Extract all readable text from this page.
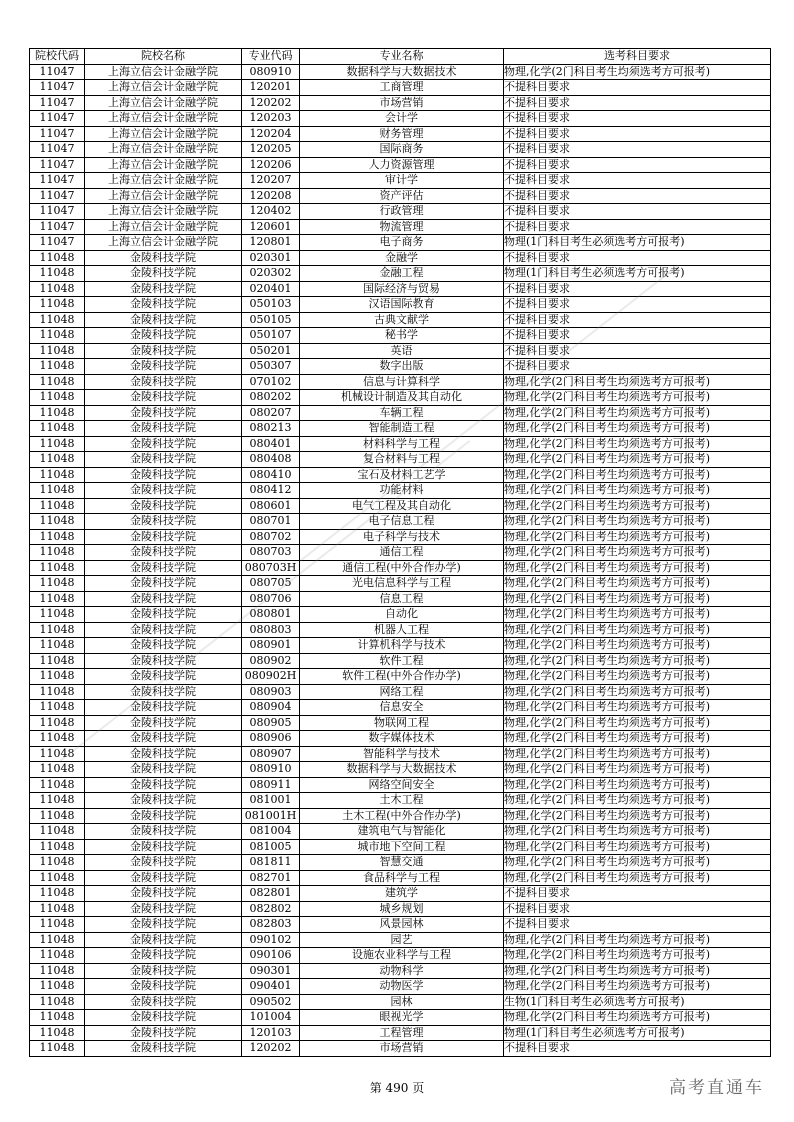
院校代码	院校名称	专业代码	专业名称	选考科目要求
11047	上海立信会计金融学院	080910	数据科学与大数据技术	物理,化学(2门科目考生均须选考方可报考)
11047	上海立信会计金融学院	120201	工商管理	不提科目要求
11047	上海立信会计金融学院	120202	市场营销	不提科目要求
11047	上海立信会计金融学院	120203	会计学	不提科目要求
11047	上海立信会计金融学院	120204	财务管理	不提科目要求
11047	上海立信会计金融学院	120205	国际商务	不提科目要求
11047	上海立信会计金融学院	120206	人力资源管理	不提科目要求
11047	上海立信会计金融学院	120207	审计学	不提科目要求
11047	上海立信会计金融学院	120208	资产评估	不提科目要求
11047	上海立信会计金融学院	120402	行政管理	不提科目要求
11047	上海立信会计金融学院	120601	物流管理	不提科目要求
11047	上海立信会计金融学院	120801	电子商务	物理(1门科目考生必须选考方可报考)
11048	金陵科技学院	020301	金融学	不提科目要求
11048	金陵科技学院	020302	金融工程	物理(1门科目考生必须选考方可报考)
11048	金陵科技学院	020401	国际经济与贸易	不提科目要求
11048	金陵科技学院	050103	汉语国际教育	不提科目要求
11048	金陵科技学院	050105	古典文献学	不提科目要求
11048	金陵科技学院	050107	秘书学	不提科目要求
11048	金陵科技学院	050201	英语	不提科目要求
11048	金陵科技学院	050307	数字出版	不提科目要求
11048	金陵科技学院	070102	信息与计算科学	物理,化学(2门科目考生均须选考方可报考)
11048	金陵科技学院	080202	机械设计制造及其自动化	物理,化学(2门科目考生均须选考方可报考)
11048	金陵科技学院	080207	车辆工程	物理,化学(2门科目考生均须选考方可报考)
11048	金陵科技学院	080213	智能制造工程	物理,化学(2门科目考生均须选考方可报考)
11048	金陵科技学院	080401	材料科学与工程	物理,化学(2门科目考生均须选考方可报考)
11048	金陵科技学院	080408	复合材料与工程	物理,化学(2门科目考生均须选考方可报考)
11048	金陵科技学院	080410	宝石及材料工艺学	物理,化学(2门科目考生均须选考方可报考)
11048	金陵科技学院	080412	功能材料	物理,化学(2门科目考生均须选考方可报考)
11048	金陵科技学院	080601	电气工程及其自动化	物理,化学(2门科目考生均须选考方可报考)
11048	金陵科技学院	080701	电子信息工程	物理,化学(2门科目考生均须选考方可报考)
11048	金陵科技学院	080702	电子科学与技术	物理,化学(2门科目考生均须选考方可报考)
11048	金陵科技学院	080703	通信工程	物理,化学(2门科目考生均须选考方可报考)
11048	金陵科技学院	080703H	通信工程(中外合作办学)	物理,化学(2门科目考生均须选考方可报考)
11048	金陵科技学院	080705	光电信息科学与工程	物理,化学(2门科目考生均须选考方可报考)
11048	金陵科技学院	080706	信息工程	物理,化学(2门科目考生均须选考方可报考)
11048	金陵科技学院	080801	自动化	物理,化学(2门科目考生均须选考方可报考)
11048	金陵科技学院	080803	机器人工程	物理,化学(2门科目考生均须选考方可报考)
11048	金陵科技学院	080901	计算机科学与技术	物理,化学(2门科目考生均须选考方可报考)
11048	金陵科技学院	080902	软件工程	物理,化学(2门科目考生均须选考方可报考)
11048	金陵科技学院	080902H	软件工程(中外合作办学)	物理,化学(2门科目考生均须选考方可报考)
11048	金陵科技学院	080903	网络工程	物理,化学(2门科目考生均须选考方可报考)
11048	金陵科技学院	080904	信息安全	物理,化学(2门科目考生均须选考方可报考)
11048	金陵科技学院	080905	物联网工程	物理,化学(2门科目考生均须选考方可报考)
11048	金陵科技学院	080906	数字媒体技术	物理,化学(2门科目考生均须选考方可报考)
11048	金陵科技学院	080907	智能科学与技术	物理,化学(2门科目考生均须选考方可报考)
11048	金陵科技学院	080910	数据科学与大数据技术	物理,化学(2门科目考生均须选考方可报考)
11048	金陵科技学院	080911	网络空间安全	物理,化学(2门科目考生均须选考方可报考)
11048	金陵科技学院	081001	土木工程	物理,化学(2门科目考生均须选考方可报考)
11048	金陵科技学院	081001H	土木工程(中外合作办学)	物理,化学(2门科目考生均须选考方可报考)
11048	金陵科技学院	081004	建筑电气与智能化	物理,化学(2门科目考生均须选考方可报考)
11048	金陵科技学院	081005	城市地下空间工程	物理,化学(2门科目考生均须选考方可报考)
11048	金陵科技学院	081811	智慧交通	物理,化学(2门科目考生均须选考方可报考)
11048	金陵科技学院	082701	食品科学与工程	物理,化学(2门科目考生均须选考方可报考)
11048	金陵科技学院	082801	建筑学	不提科目要求
11048	金陵科技学院	082802	城乡规划	不提科目要求
11048	金陵科技学院	082803	风景园林	不提科目要求
11048	金陵科技学院	090102	园艺	物理,化学(2门科目考生均须选考方可报考)
11048	金陵科技学院	090106	设施农业科学与工程	物理,化学(2门科目考生均须选考方可报考)
11048	金陵科技学院	090301	动物科学	物理,化学(2门科目考生均须选考方可报考)
11048	金陵科技学院	090401	动物医学	物理,化学(2门科目考生均须选考方可报考)
11048	金陵科技学院	090502	园林	生物(1门科目考生必须选考方可报考)
11048	金陵科技学院	101004	眼视光学	物理,化学(2门科目考生均须选考方可报考)
11048	金陵科技学院	120103	工程管理	物理(1门科目考生必须选考方可报考)
11048	金陵科技学院	120202	市场营销	不提科目要求
第 490 页	高考直通车
